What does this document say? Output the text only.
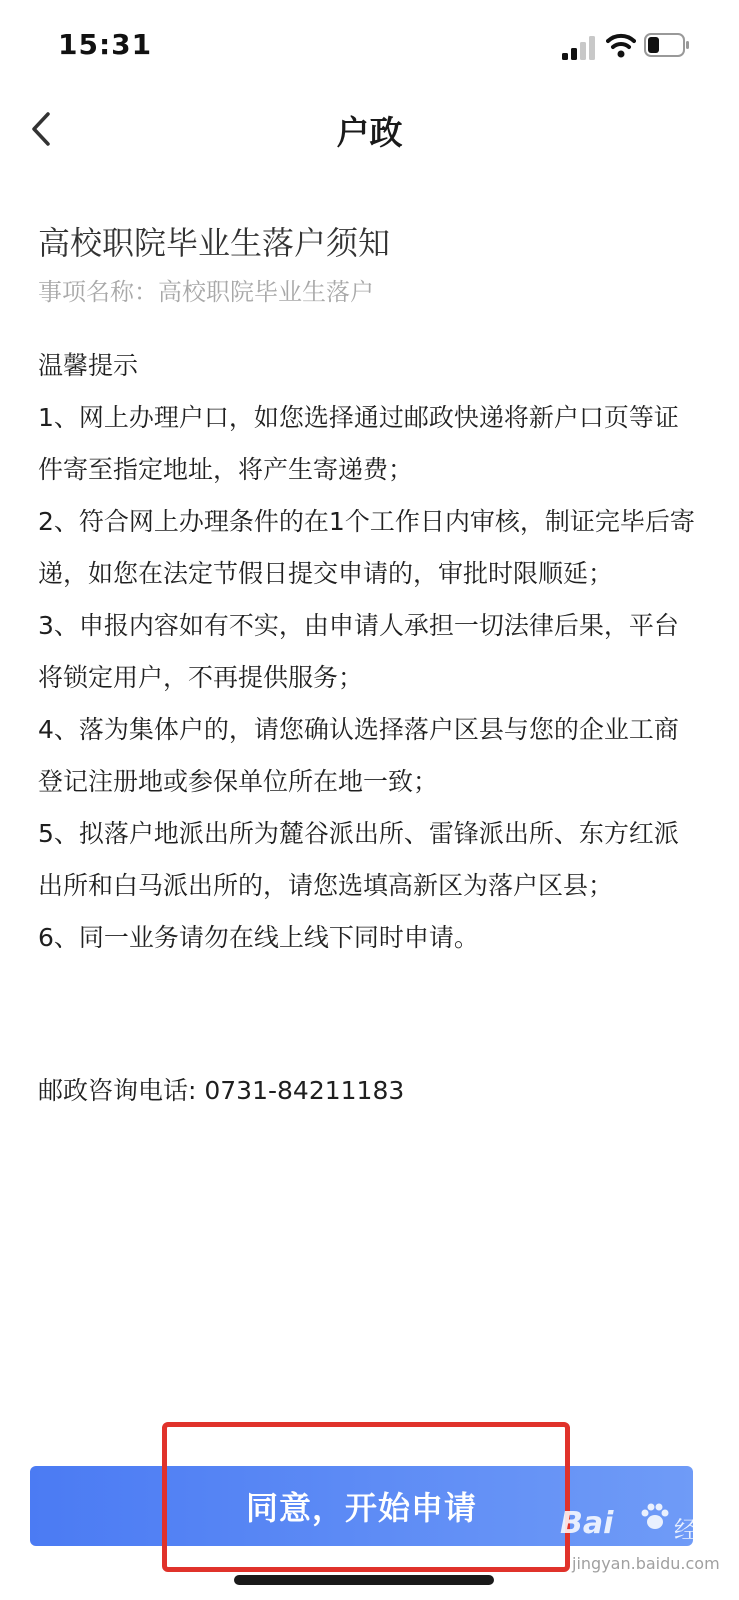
15:31
户政
高校职院毕业生落户须知
事项名称：高校职院毕业生落户
温馨提示
1、网上办理户口，如您选择通过邮政快递将新户口页等证件寄至指定地址，将产生寄递费；
2、符合网上办理条件的在1个工作日内审核，制证完毕后寄递，如您在法定节假日提交申请的，审批时限顺延；
3、申报内容如有不实，由申请人承担一切法律后果，平台将锁定用户，不再提供服务；
4、落为集体户的，请您确认选择落户区县与您的企业工商登记注册地或参保单位所在地一致；
5、拟落户地派出所为麓谷派出所、雷锋派出所、东方红派出所和白马派出所的，请您选填高新区为落户区县；
6、同一业务请勿在线上线下同时申请。
邮政咨询电话: 0731-84211183
同意，开始申请	Bai	经验
jingyan.baidu.com
